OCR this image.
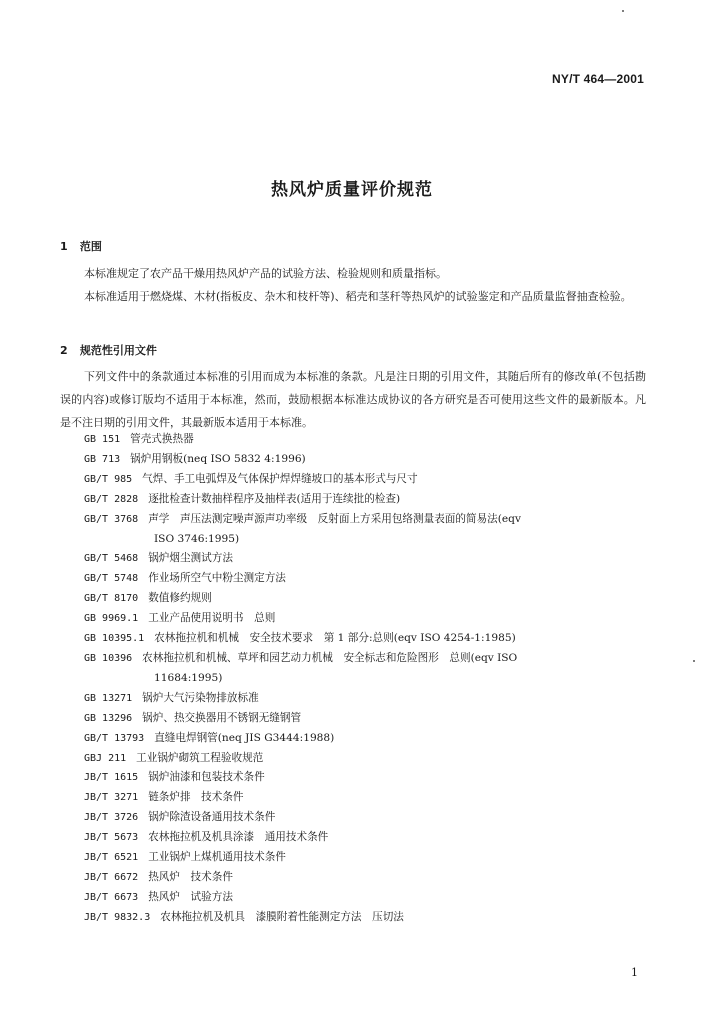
NY/T 464—2001
热风炉质量评价规范
1 范围
本标准规定了农产品干燥用热风炉产品的试验方法、检验规则和质量指标。
本标准适用于燃烧煤、木材(指板皮、杂木和枝杆等)、稻壳和茎秆等热风炉的试验鉴定和产品质量监督抽查检验。
2 规范性引用文件
下列文件中的条款通过本标准的引用而成为本标准的条款。凡是注日期的引用文件，其随后所有的修改单(不包括勘误的内容)或修订版均不适用于本标准，然而，鼓励根据本标准达成协议的各方研究是否可使用这些文件的最新版本。凡是不注日期的引用文件，其最新版本适用于本标准。
GB 151 管壳式换热器
GB 713 锅炉用钢板(neq ISO 5832 4:1996)
GB/T 985 气焊、手工电弧焊及气体保护焊焊缝坡口的基本形式与尺寸
GB/T 2828 逐批检查计数抽样程序及抽样表(适用于连续批的检查)
GB/T 3768 声学　声压法测定噪声源声功率级　反射面上方采用包络测量表面的简易法(eqv
ISO 3746:1995)
GB/T 5468 锅炉烟尘测试方法
GB/T 5748 作业场所空气中粉尘测定方法
GB/T 8170 数值修约规则
GB 9969.1 工业产品使用说明书　总则
GB 10395.1 农林拖拉机和机械　安全技术要求　第 1 部分:总则(eqv ISO 4254-1:1985)
GB 10396 农林拖拉机和机械、草坪和园艺动力机械　安全标志和危险图形　总则(eqv ISO
11684:1995)
GB 13271 锅炉大气污染物排放标准
GB 13296 锅炉、热交换器用不锈钢无缝钢管
GB/T 13793 直缝电焊钢管(neq JIS G3444:1988)
GBJ 211 工业锅炉砌筑工程验收规范
JB/T 1615 锅炉油漆和包装技术条件
JB/T 3271 链条炉排　技术条件
JB/T 3726 锅炉除渣设备通用技术条件
JB/T 5673 农林拖拉机及机具涂漆　通用技术条件
JB/T 6521 工业锅炉上煤机通用技术条件
JB/T 6672 热风炉　技术条件
JB/T 6673 热风炉　试验方法
JB/T 9832.3 农林拖拉机及机具　漆膜附着性能测定方法　压切法
1
